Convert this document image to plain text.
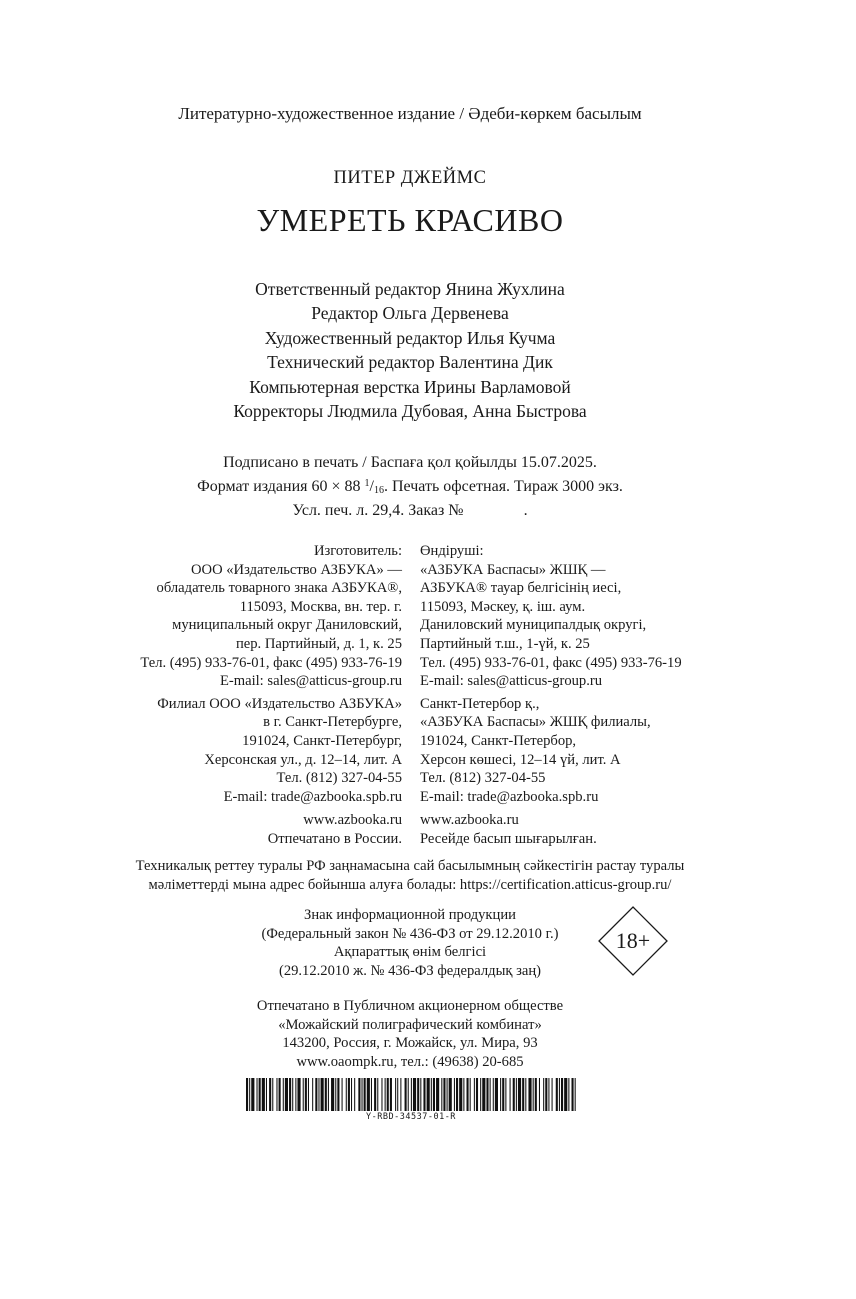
Литературно-художественное издание / Әдеби-көркем басылым
ПИТЕР ДЖЕЙМС
УМЕРЕТЬ КРАСИВО
Ответственный редактор Янина Жухлина
Редактор Ольга Дервенева
Художественный редактор Илья Кучма
Технический редактор Валентина Дик
Компьютерная верстка Ирины Варламовой
Корректоры Людмила Дубовая, Анна Быстрова
Подписано в печать / Баспаға қол қойылды 15.07.2025.
Формат издания 60 × 88 $^1/_{16}$. Печать офсетная. Тираж 3000 экз.
Усл. печ. л. 29,4. Заказ №               .
Изготовитель:
ООО «Издательство АЗБУКА» —
обладатель товарного знака АЗБУКА®,
115093, Москва, вн. тер. г.
муниципальный округ Даниловский,
пер. Партийный, д. 1, к. 25
Тел. (495) 933-76-01, факс (495) 933-76-19
E-mail: sales@atticus-group.ru
Филиал ООО «Издательство АЗБУКА»
в г. Санкт-Петербурге,
191024, Санкт-Петербург,
Херсонская ул., д. 12–14, лит. А
Тел. (812) 327-04-55
E-mail: trade@azbooka.spb.ru
www.azbooka.ru
Отпечатано в России.
Өндіруші:
«АЗБУКА Баспасы» ЖШҚ —
АЗБУКА® тауар белгісінің иесі,
115093, Мәскеу, қ. іш. аум.
Даниловский муниципалдық округі,
Партийный т.ш., 1-үй, к. 25
Тел. (495) 933-76-01, факс (495) 933-76-19
E-mail: sales@atticus-group.ru
Санкт-Петербор қ.,
«АЗБУКА Баспасы» ЖШҚ филиалы,
191024, Санкт-Петербор,
Херсон көшесі, 12–14 үй, лит. А
Тел. (812) 327-04-55
E-mail: trade@azbooka.spb.ru
www.azbooka.ru
Ресейде басып шығарылған.
Техникалық реттеу туралы РФ заңнамасына сай басылымның сәйкестігін растау туралы
мәліметтерді мына адрес бойынша алуға болады: https://certification.atticus-group.ru/
Знак информационной продукции
(Федеральный закон № 436-ФЗ от 29.12.2010 г.)
Ақпараттық өнім белгісі
(29.12.2010 ж. № 436-ФЗ федералдық заң)
18+
Отпечатано в Публичном акционерном обществе
«Можайский полиграфический комбинат»
143200, Россия, г. Можайск, ул. Мира, 93
www.oaompk.ru, тел.: (49638) 20-685
Y-RBD-34537-01-R
